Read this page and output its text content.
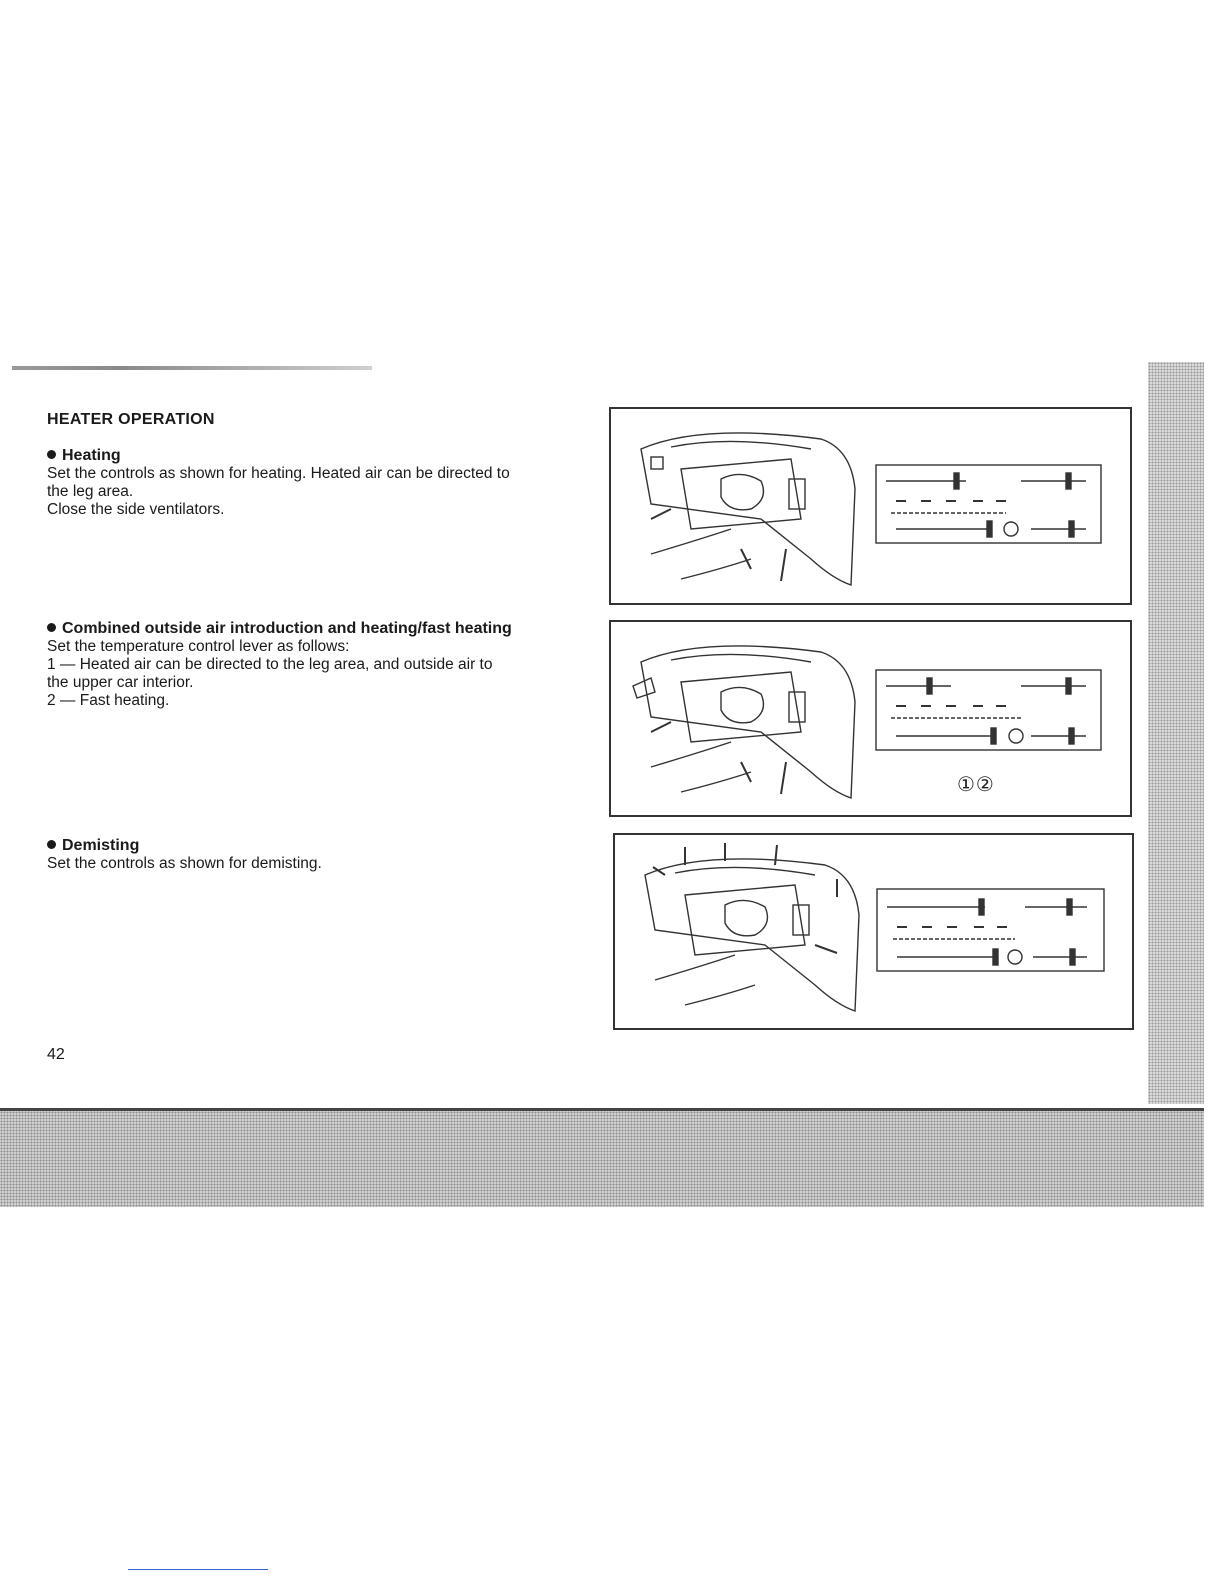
HEATER OPERATION
Heating

Set the controls as shown for heating. Heated air can be directed to

the leg area.

Close the side ventilators.

Combined outside air introduction and heating/fast heating

Set the temperature control lever as follows:

1 — Heated air can be directed to the leg area, and outside air to

the upper car interior.

2 — Fast heating.

Demisting

Set the controls as shown for demisting.

42
①②
